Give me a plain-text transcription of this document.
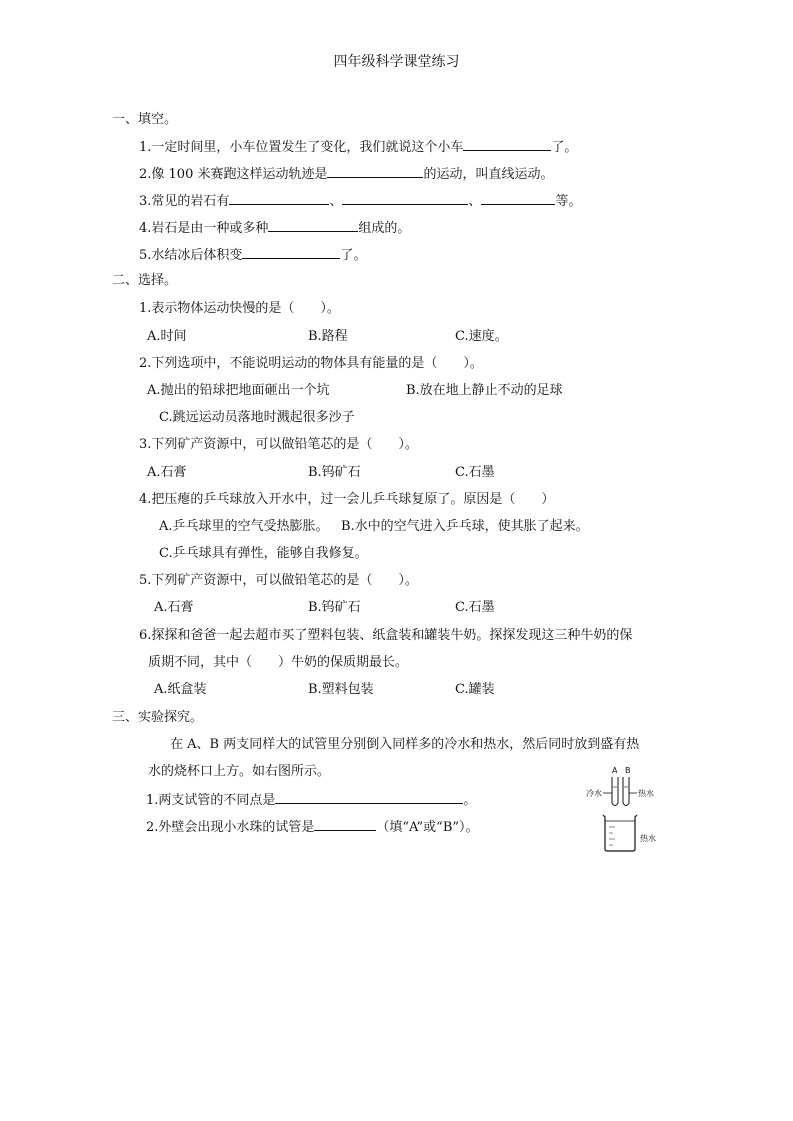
四年级科学课堂练习
一、填空。
1.一定时间里，小车位置发生了变化，我们就说这个小车	了。
2.像 100 米赛跑这样运动轨迹是	的运动，叫直线运动。
3.常见的岩石有	、	、	等。
4.岩石是由一种或多种	组成的。
5.水结冰后体积变	了。
二、选择。
1.表示物体运动快慢的是（　　）。
A.时间	B.路程	C.速度。
2.下列选项中，不能说明运动的物体具有能量的是（　　）。
A.抛出的铅球把地面砸出一个坑	B.放在地上静止不动的足球
C.跳远运动员落地时溅起很多沙子
3.下列矿产资源中，可以做铅笔芯的是（　　）。
A.石膏	B.钨矿石	C.石墨
4.把压瘪的乒乓球放入开水中，过一会儿乒乓球复原了。原因是（　　）
A.乒乓球里的空气受热膨胀。 B.水中的空气进入乒乓球，使其胀了起来。
C.乒乓球具有弹性，能够自我修复。
5.下列矿产资源中，可以做铅笔芯的是（　　）。
A.石膏	B.钨矿石	C.石墨
6.探探和爸爸一起去超市买了塑料包装、纸盒装和罐装牛奶。探探发现这三种牛奶的保
质期不同，其中（　　）牛奶的保质期最长。
A.纸盒装	B.塑料包装	C.罐装
三、实验探究。
在 A、B 两支同样大的试管里分别倒入同样多的冷水和热水，然后同时放到盛有热
水的烧杯口上方。如右图所示。
1.两支试管的不同点是	。
2.外壁会出现小水珠的试管是	（填“A”或“B”）。
A B
冷水	热水
热水
